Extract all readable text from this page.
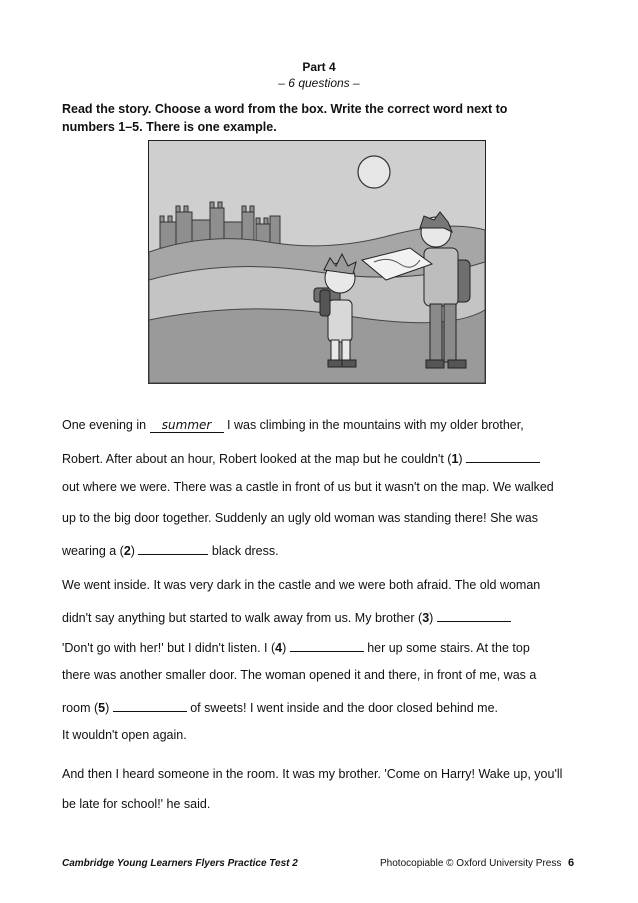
Part 4
– 6 questions –
Read the story. Choose a word from the box. Write the correct word next to numbers 1–5. There is one example.
One evening in summer I was climbing in the mountains with my older brother,
Robert. After about an hour, Robert looked at the map but he couldn't (1)
out where we were. There was a castle in front of us but it wasn't on the map. We walked
up to the big door together. Suddenly an ugly old woman was standing there! She was
wearing a (2)	black dress.
We went inside. It was very dark in the castle and we were both afraid. The old woman
didn't say anything but started to walk away from us. My brother (3)
'Don't go with her!' but I didn't listen. I (4)	her up some stairs. At the top
there was another smaller door. The woman opened it and there, in front of me, was a
room (5)	of sweets! I went inside and the door closed behind me.
It wouldn't open again.
And then I heard someone in the room. It was my brother. 'Come on Harry! Wake up, you'll
be late for school!' he said.
Cambridge Young Learners Flyers Practice Test 2	Photocopiable © Oxford University Press 6
